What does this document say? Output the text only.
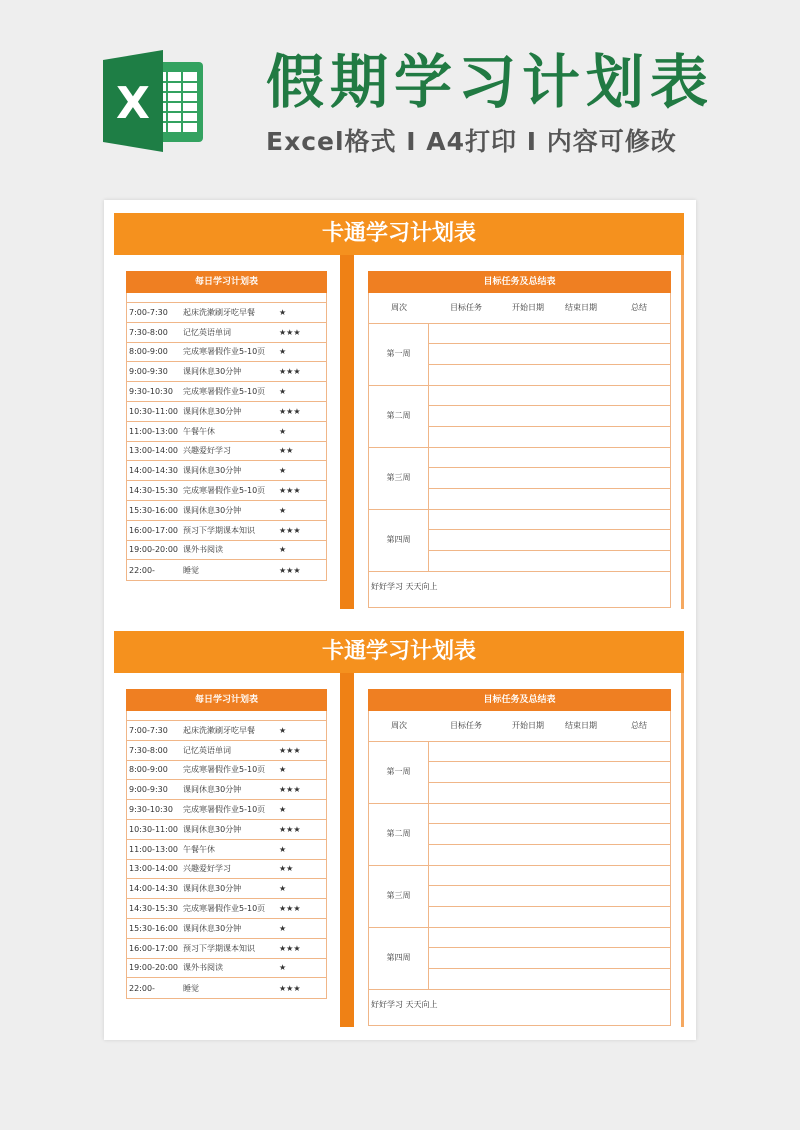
X 假期学习计划表
Excel格式 I A4打印 I 内容可修改
卡通学习计划表
每日学习计划表
7:00-7:30	起床洗漱刷牙吃早餐	★
7:30-8:00	记忆英语单词	★★★
8:00-9:00	完成寒暑假作业5-10页	★
9:00-9:30	课间休息30分钟	★★★
9:30-10:30	完成寒暑假作业5-10页	★
10:30-11:00 课间休息30分钟	★★★
11:00-13:00 午餐午休	★
13:00-14:00 兴趣爱好学习	★★
14:00-14:30 课间休息30分钟	★
14:30-15:30 完成寒暑假作业5-10页	★★★
15:30-16:00 课间休息30分钟	★
16:00-17:00 预习下学期课本知识	★★★
19:00-20:00 课外书阅读	★
22:00-	睡觉	★★★
目标任务及总结表
周次	目标任务	开始日期	结束日期	总结
第一周
第二周
第三周
第四周
好好学习 天天向上
卡通学习计划表
每日学习计划表
7:00-7:30	起床洗漱刷牙吃早餐	★
7:30-8:00	记忆英语单词	★★★
8:00-9:00	完成寒暑假作业5-10页	★
9:00-9:30	课间休息30分钟	★★★
9:30-10:30	完成寒暑假作业5-10页	★
10:30-11:00 课间休息30分钟	★★★
11:00-13:00 午餐午休	★
13:00-14:00 兴趣爱好学习	★★
14:00-14:30 课间休息30分钟	★
14:30-15:30 完成寒暑假作业5-10页	★★★
15:30-16:00 课间休息30分钟	★
16:00-17:00 预习下学期课本知识	★★★
19:00-20:00 课外书阅读	★
22:00-	睡觉	★★★
目标任务及总结表
周次	目标任务	开始日期	结束日期	总结
第一周
第二周
第三周
第四周
好好学习 天天向上
